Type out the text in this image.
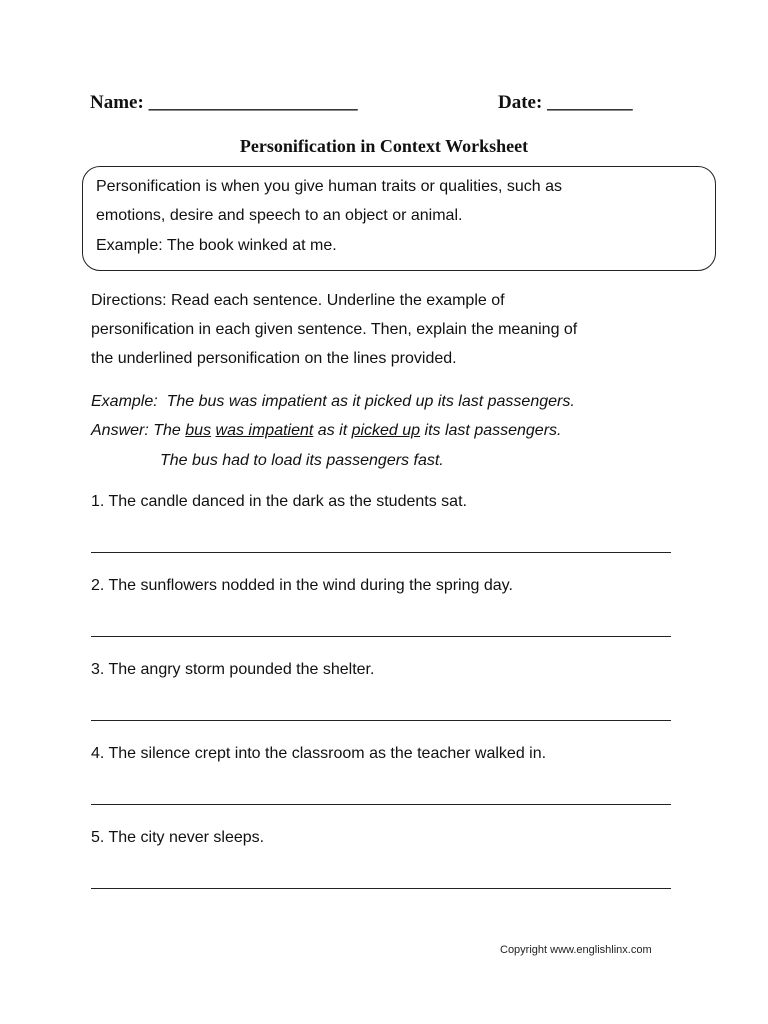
Name: ______________________	Date: _________
Personification in Context Worksheet
Personification is when you give human traits or qualities, such as
emotions, desire and speech to an object or animal.
Example: The book winked at me.
Directions: Read each sentence. Underline the example of
personification in each given sentence. Then, explain the meaning of
the underlined personification on the lines provided.
Example:  The bus was impatient as it picked up its last passengers.
Answer: The bus was impatient as it picked up its last passengers.
The bus had to load its passengers fast.
1. The candle danced in the dark as the students sat.
2. The sunflowers nodded in the wind during the spring day.
3. The angry storm pounded the shelter.
4. The silence crept into the classroom as the teacher walked in.
5. The city never sleeps.
Copyright www.englishlinx.com
